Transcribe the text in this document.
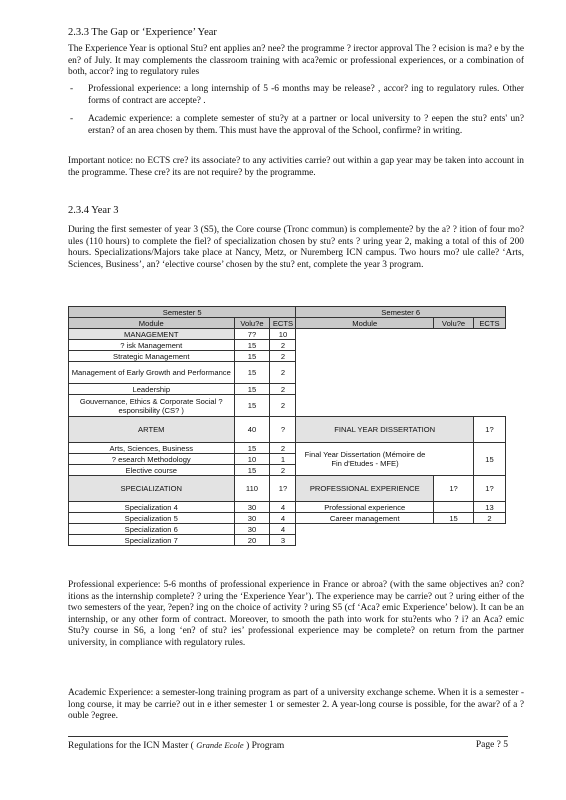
2.3.3 The Gap or ‘Experience’ Year
The Experience Year is optional Stu? ent applies an? nee? the programme ? irector approval The ? ecision is ma? e by the en? of July. It may complements the classroom training with aca?emic or professional experiences, or a combination of both, accor? ing to regulatory rules
- Professional experience: a long internship of 5 -6 months may be release? , accor? ing to regulatory rules. Other forms of contract are accepte? .
- Academic experience: a complete semester of stu?y at a partner or local university to ? eepen the stu? ents' un? erstan? of an area chosen by them. This must have the approval of the School, confirme? in writing.
Important notice: no ECTS cre? its associate? to any activities carrie? out within a gap year may be taken into account in the programme. These cre? its are not require? by the programme.
2.3.4 Year 3
During the first semester of year 3 (S5), the Core course (Tronc commun) is complemente? by the a? ? ition of four mo? ules (110 hours) to complete the fiel? of specialization chosen by stu? ents ? uring year 2, making a total of this of 200 hours. Specializations/Majors take place at Nancy, Metz, or Nuremberg ICN campus. Two hours mo? ule calle? ‘Arts, Sciences, Business’, an? ‘elective course’ chosen by the stu? ent, complete the year 3 program.
Semester 5			Semester 6		
Module	Volu?e	ECTS	Module	Volu?e	ECTS
MANAGEMENT	7?	10			
? isk Management	15	2			
Strategic Management	15	2			
Management of Early Growth and Performance	15	2			
Leadership	15	2			
Gouvernance, Ethics & Corporate Social ?esponsibility (CS? )	15	2			
ARTEM	40	?	FINAL YEAR DISSERTATION		1?
Arts, Sciences, Business	15	2	Final Year Dissertation (Mémoire de Fin d'Etudes - MFE)		15
? esearch Methodology	10	1			
Elective course	15	2			
SPECIALIZATION	110	1?	PROFESSIONAL EXPERIENCE	1?	1?
Specialization 4	30	4	Professional experience		13
Specialization 5	30	4	Career management	15	2
Specialization 6	30	4			
Specialization 7	20	3			
Professional experience: 5-6 months of professional experience in France or abroa? (with the same objectives an? con? itions as the internship complete? ? uring the ‘Experience Year’). The experience may be carrie? out ? uring either of the two semesters of the year, ?epen? ing on the choice of activity ? uring S5 (cf ‘Aca? emic Experience’ below). It can be an internship, or any other form of contract. Moreover, to smooth the path into work for stu?ents who ? i? an Aca? emic Stu?y course in S6, a long ‘en? of stu? ies’ professional experience may be complete? on return from the partner university, in compliance with regulatory rules.
Academic Experience: a semester-long training program as part of a university exchange scheme. When it is a semester -long course, it may be carrie? out in e ither semester 1 or semester 2. A year-long course is possible, for the awar? of a ? ouble ?egree.
Regulations for the ICN Master ( Grande Ecole ) Program	Page ? 5
